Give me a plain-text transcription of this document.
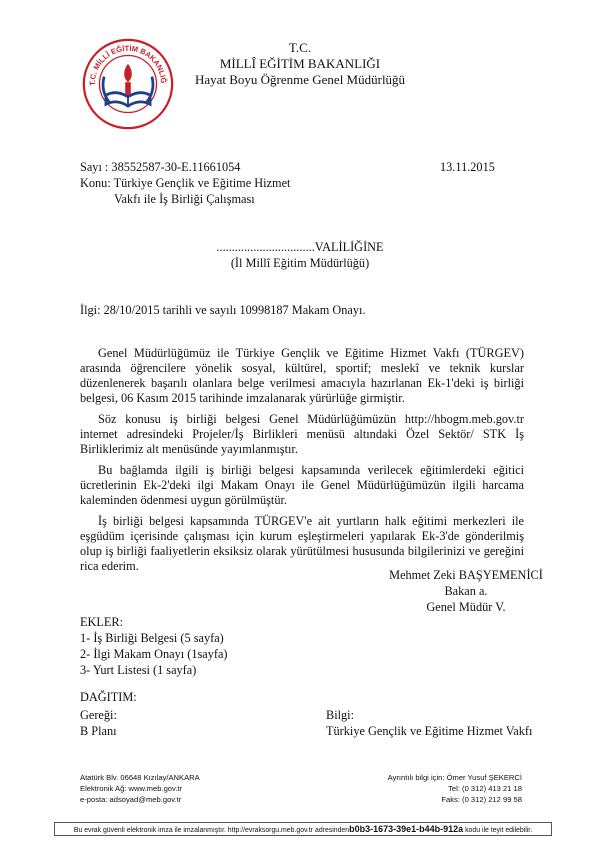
T.C. MİLLÎ EĞİTİM BAKANLIĞ
T.C.
MİLLÎ EĞİTİM BAKANLIĞI
Hayat Boyu Öğrenme Genel Müdürlüğü
Sayı : 38552587-30-E.11661054	13.11.2015
Konu: Türkiye Gençlik ve Eğitime Hizmet
Vakfı ile İş Birliği Çalışması
................................VALİLİĞİNE
(İl Millî Eğitim Müdürlüğü)
İlgi: 28/10/2015 tarihli ve sayılı 10998187 Makam Onayı.

Genel Müdürlüğümüz ile Türkiye Gençlik ve Eğitime Hizmet Vakfı (TÜRGEV) arasında öğrencilere yönelik sosyal, kültürel, sportif; meslekî ve teknik kurslar düzenlenerek başarılı olanlara belge verilmesi amacıyla hazırlanan Ek-1'deki iş birliği belgesi, 06 Kasım 2015 tarihinde imzalanarak yürürlüğe girmiştir.

Söz konusu iş birliği belgesi Genel Müdürlüğümüzün http://hbogm.meb.gov.tr internet adresindeki Projeler/İş Birlikleri menüsü altındaki Özel Sektör/ STK İş Birliklerimiz alt menüsünde yayımlanmıştır.

Bu bağlamda ilgili iş birliği belgesi kapsamında verilecek eğitimlerdeki eğitici ücretlerinin Ek-2'deki ilgi Makam Onayı ile Genel Müdürlüğümüzün ilgili harcama kaleminden ödenmesi uygun görülmüştür.

İş birliği belgesi kapsamında TÜRGEV'e ait yurtların halk eğitimi merkezleri ile eşgüdüm içerisinde çalışması için kurum eşleştirmeleri yapılarak Ek-3'de gönderilmiş olup iş birliği faaliyetlerin eksiksiz olarak yürütülmesi hususunda bilgilerinizi ve gereğini rica ederim.

Mehmet Zeki BAŞYEMENİCİ
Bakan a.
Genel Müdür V.
EKLER:
1- İş Birliği Belgesi (5 sayfa)
2- İlgi Makam Onayı (1sayfa)
3- Yurt Listesi (1 sayfa)
DAĞITIM:
Gereği:
B Planı
Bilgi:
Türkiye Gençlik ve Eğitime Hizmet Vakfı
Atatürk Blv. 06648 Kızılay/ANKARA
Elektronik Ağ: www.meb.gov.tr
e-posta: adsoyad@meb.gov.tr
Ayrıntılı bilgi için: Ömer Yusuf ŞEKERCİ
Tel: (0 312) 413 21 18
Faks: (0 312) 212 99 58
Bu evrak güvenli elektronik imza ile imzalanmıştır. http://evraksorgu.meb.gov.tr adresindenb0b3-1673-39e1-b44b-912a kodu ile teyit edilebilir.
